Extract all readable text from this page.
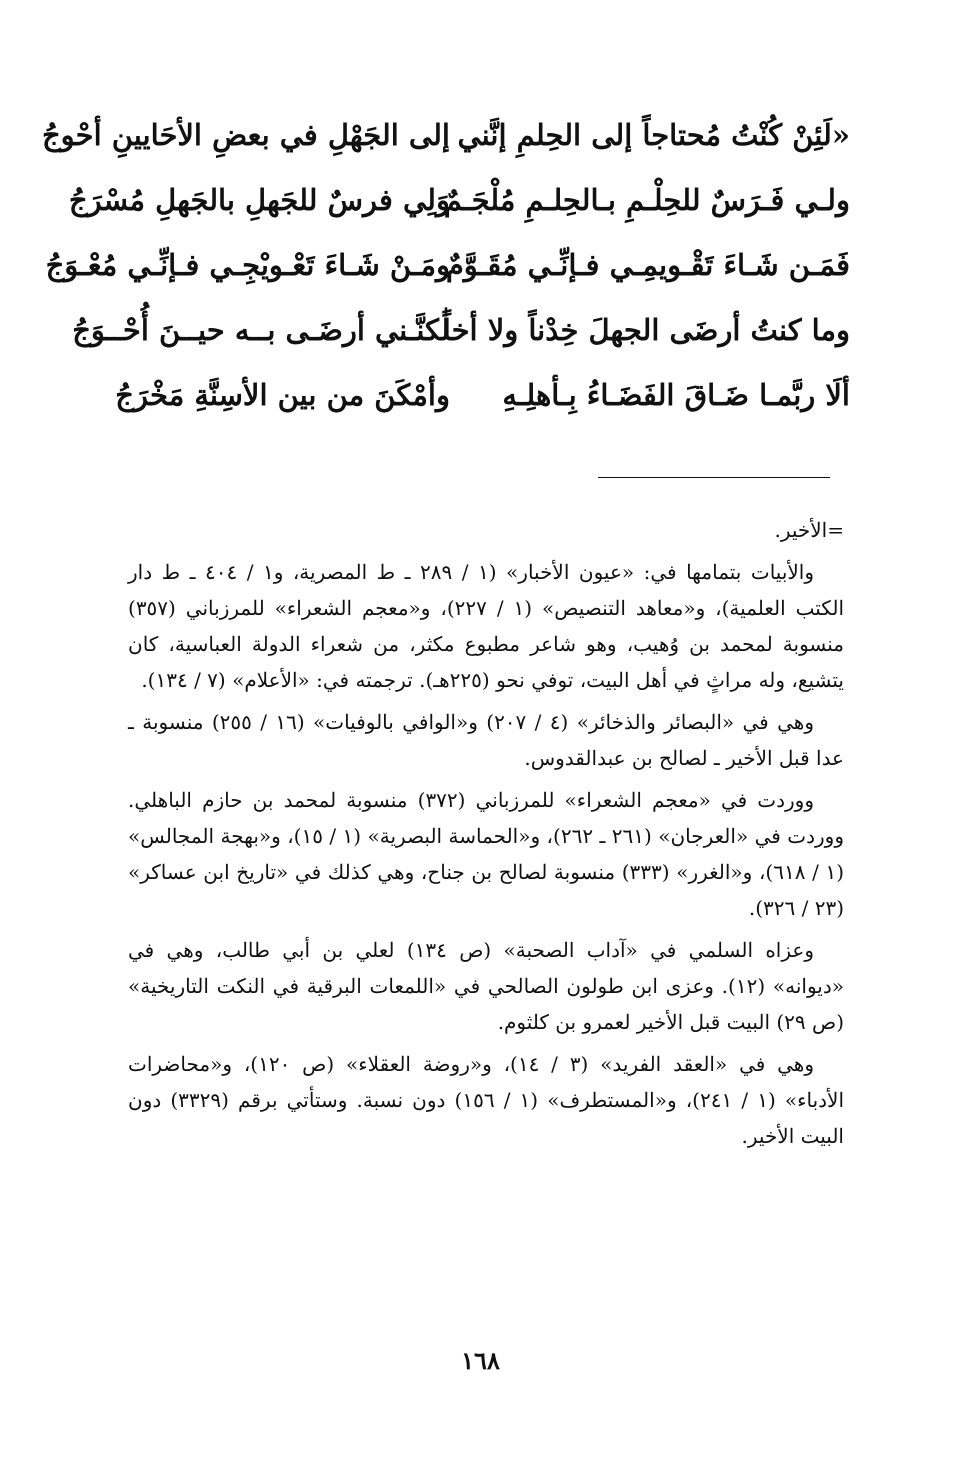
«لَئِنْ كُنْتُ مُحتاجاً إلى الحِلمِ إنَّني
إلى الجَهْلِ في بعضِ الأحَايينِ أحْوجُ
ولـي فَـرَسٌ للحِلْـمِ بـالحِلـمِ مُلْجَـمٌ
وَلِي فرسٌ للجَهلِ بالجَهلِ مُسْرَجُ
فَمَـن شَـاءَ تَقْـويمِـي فـإنِّـي مُقَـوَّمٌ
ومَـنْ شَـاءَ تَعْـويْجِـي فـإنِّـي مُعْـوَجُ
وما كنتُ أرضَى الجهلَ خِدْناً ولا أخاً
لٰكنَّـني أرضَـى بــه حيــنَ أُحْــوَجُ
ألَا ربَّمـا ضَـاقَ الفَضَـاءُ بِـأهلِـهِ
وأمْكَنَ من بين الأسِنَّةِ مَخْرَجُ

=الأخير.

والأبيات بتمامها في: «عيون الأخبار» (١ / ٢٨٩ ـ ط المصرية، و١ / ٤٠٤ ـ ط دار الكتب العلمية)، و«معاهد التنصيص» (١ / ٢٢٧)، و«معجم الشعراء» للمرزباني (٣٥٧) منسوبة لمحمد بن وُهيب، وهو شاعر مطبوع مكثر، من شعراء الدولة العباسية، كان يتشيع، وله مراثٍ في أهل البيت، توفي نحو (٢٢٥هـ). ترجمته في: «الأعلام» (٧ / ١٣٤).

وهي في «البصائر والذخائر» (٤ / ٢٠٧) و«الوافي بالوفيات» (١٦ / ٢٥٥) منسوبة ـ عدا قبل الأخير ـ لصالح بن عبدالقدوس.

ووردت في «معجم الشعراء» للمرزباني (٣٧٢) منسوبة لمحمد بن حازم الباهلي. ووردت في «العرجان» (٢٦١ ـ ٢٦٢)، و«الحماسة البصرية» (١ / ١٥)، و«بهجة المجالس» (١ / ٦١٨)، و«الغرر» (٣٣٣) منسوبة لصالح بن جناح، وهي كذلك في «تاريخ ابن عساكر» (٢٣ / ٣٢٦).

وعزاه السلمي في «آداب الصحبة» (ص ١٣٤) لعلي بن أبي طالب، وهي في «ديوانه» (١٢). وعزى ابن طولون الصالحي في «اللمعات البرقية في النكت التاريخية» (ص ٢٩) البيت قبل الأخير لعمرو بن كلثوم.

وهي في «العقد الفريد» (٣ / ١٤)، و«روضة العقلاء» (ص ١٢٠)، و«محاضرات الأدباء» (١ / ٢٤١)، و«المستطرف» (١ / ١٥٦) دون نسبة. وستأتي برقم (٣٣٢٩) دون البيت الأخير.

١٦٨
